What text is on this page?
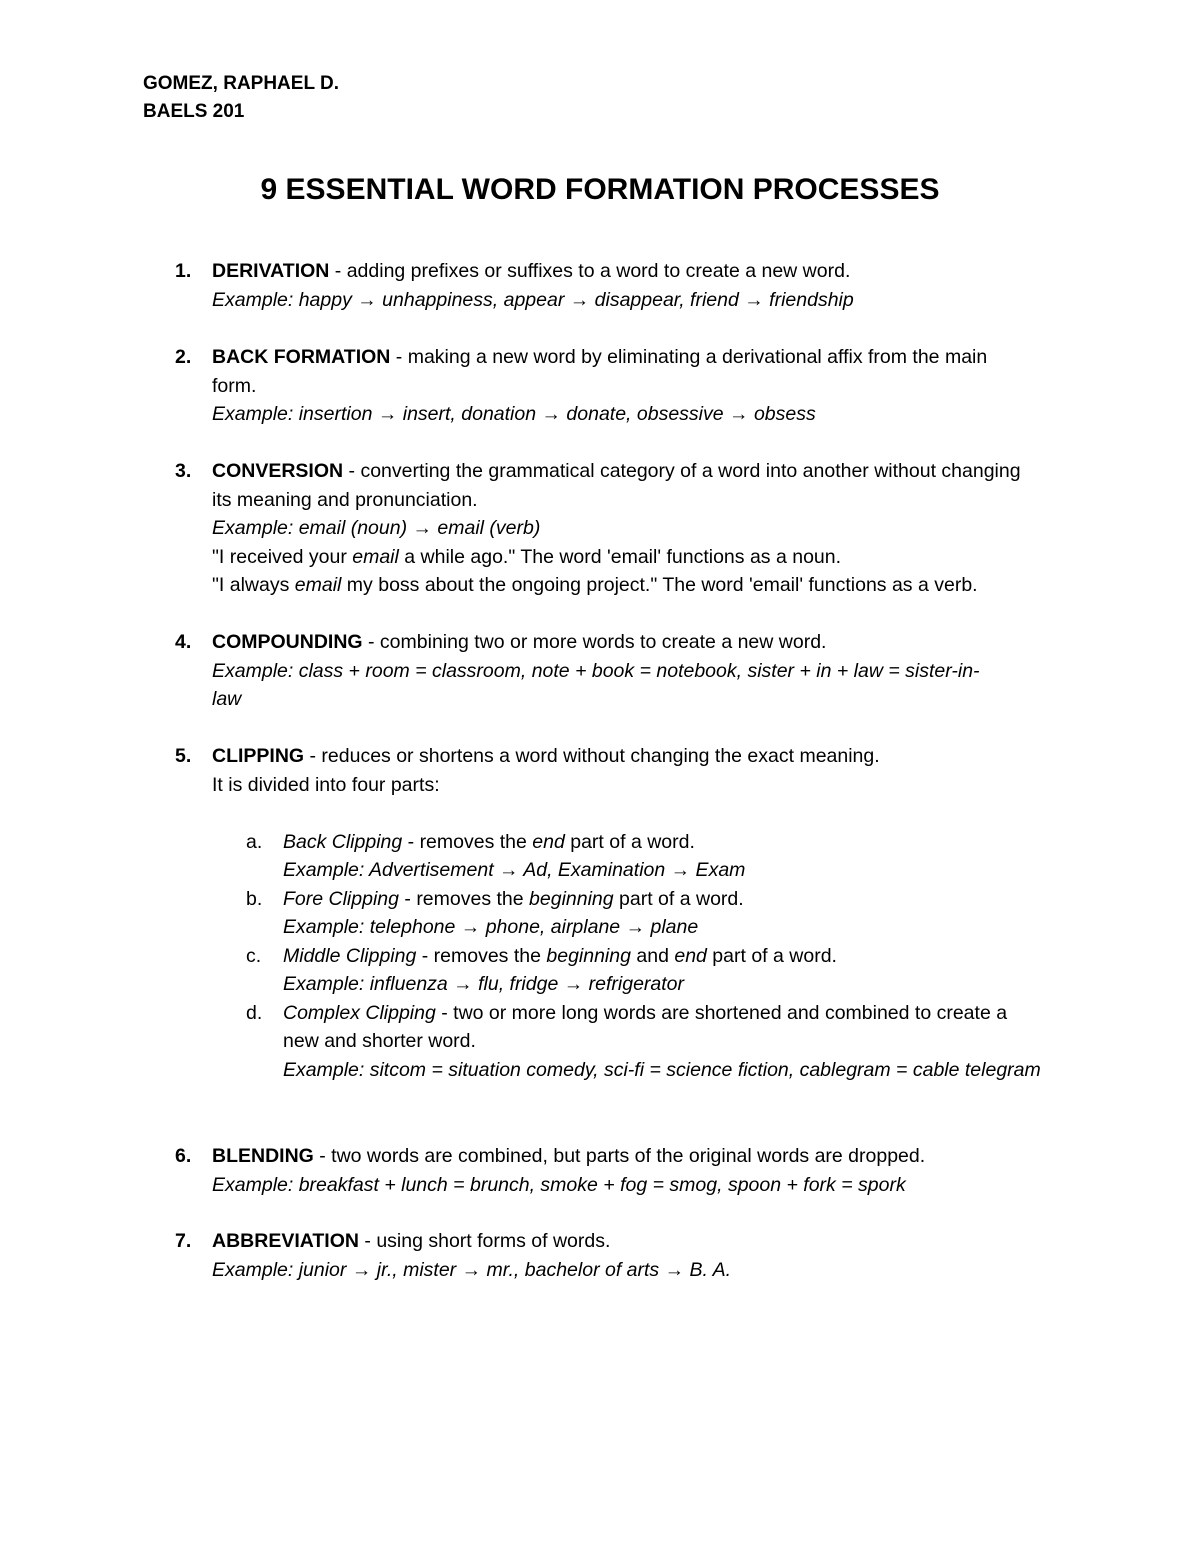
GOMEZ, RAPHAEL D.
BAELS 201
9 ESSENTIAL WORD FORMATION PROCESSES
1. DERIVATION - adding prefixes or suffixes to a word to create a new word.
Example: happy → unhappiness, appear → disappear, friend → friendship
2. BACK FORMATION - making a new word by eliminating a derivational affix from the main form.
Example: insertion → insert, donation → donate, obsessive → obsess
3. CONVERSION - converting the grammatical category of a word into another without changing its meaning and pronunciation.
Example: email (noun) → email (verb)
"I received your email a while ago." The word 'email' functions as a noun.
"I always email my boss about the ongoing project." The word 'email' functions as a verb.
4. COMPOUNDING - combining two or more words to create a new word.
Example: class + room = classroom, note + book = notebook, sister + in + law = sister-in-law
5. CLIPPING - reduces or shortens a word without changing the exact meaning.
It is divided into four parts:
a. Back Clipping - removes the end part of a word.
Example: Advertisement → Ad, Examination → Exam
b. Fore Clipping - removes the beginning part of a word.
Example: telephone → phone, airplane → plane
c. Middle Clipping - removes the beginning and end part of a word.
Example: influenza → flu, fridge → refrigerator
d. Complex Clipping - two or more long words are shortened and combined to create a new and shorter word.
Example: sitcom = situation comedy, sci-fi = science fiction, cablegram = cable telegram
6. BLENDING - two words are combined, but parts of the original words are dropped.
Example: breakfast + lunch = brunch, smoke + fog = smog, spoon + fork = spork
7. ABBREVIATION - using short forms of words.
Example: junior → jr., mister → mr., bachelor of arts → B. A.
